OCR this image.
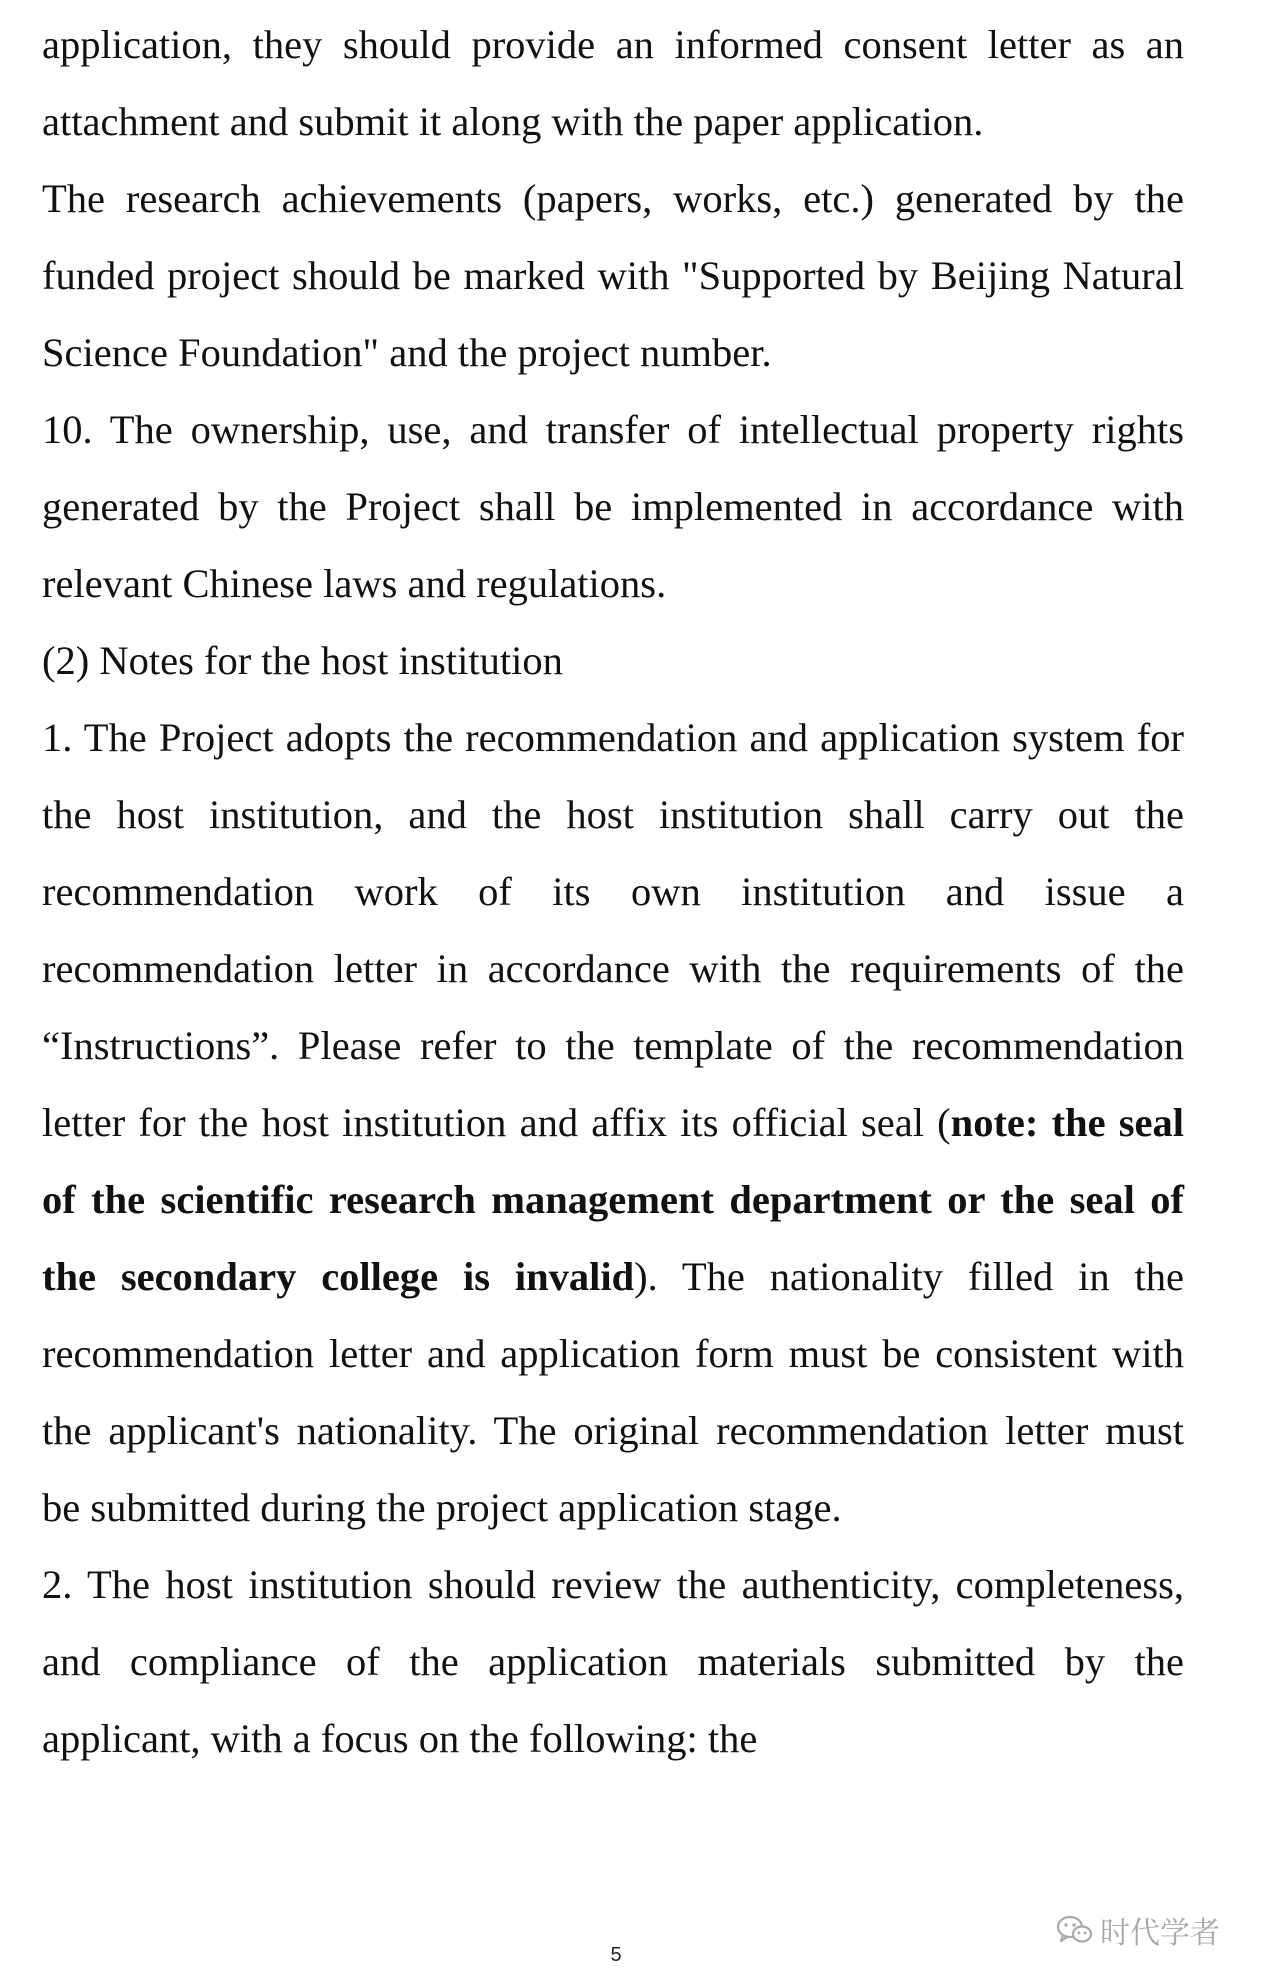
application, they should provide an informed consent letter as an attachment and submit it along with the paper application.

The research achievements (papers, works, etc.) generated by the funded project should be marked with "Supported by Beijing Natural Science Foundation" and the project number.

10. The ownership, use, and transfer of intellectual property rights generated by the Project shall be implemented in accordance with relevant Chinese laws and regulations.

(2) Notes for the host institution

1. The Project adopts the recommendation and application system for the host institution, and the host institution shall carry out the recommendation work of its own institution and issue a recommendation letter in accordance with the requirements of the “Instructions”. Please refer to the template of the recommendation letter for the host institution and affix its official seal (note: the seal of the scientific research management department or the seal of the secondary college is invalid). The nationality filled in the recommendation letter and application form must be consistent with the applicant's nationality. The original recommendation letter must be submitted during the project application stage.

2. The host institution should review the authenticity, completeness, and compliance of the application materials submitted by the applicant, with a focus on the following: the

时代学者
5
